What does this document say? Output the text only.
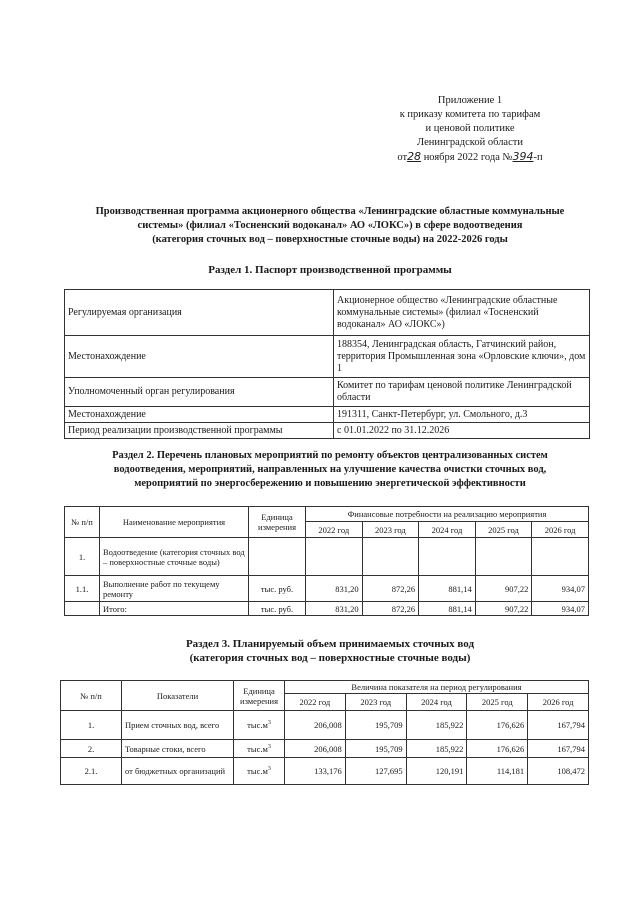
Приложение 1
к приказу комитета по тарифам
и ценовой политике
Ленинградской области
от28 ноября 2022 года №394-п
Производственная программа акционерного общества «Ленинградские областные коммунальные
системы» (филиал «Тосненский водоканал» АО «ЛОКС») в сфере водоотведения
(категория сточных вод – поверхностные сточные воды) на 2022-2026 годы
Раздел 1. Паспорт производственной программы
Регулируемая организация	Акционерное общество «Ленинградские областные коммунальные системы» (филиал «Тосненский водоканал» АО «ЛОКС»)
Местонахождение	188354, Ленинградская область, Гатчинский район, территория Промышленная зона «Орловские ключи», дом 1
Уполномоченный орган регулирования	Комитет по тарифам ценовой политике Ленинградской области
Местонахождение	191311, Санкт-Петербург, ул. Смольного, д.3
Период реализации производственной программы	с 01.01.2022 по 31.12.2026
Раздел 2. Перечень плановых мероприятий по ремонту объектов централизованных систем
водоотведения, мероприятий, направленных на улучшение качества очистки сточных вод,
мероприятий по энергосбережению и повышению энергетической эффективности
№ п/п	Наименование мероприятия	Единица измерения	Финансовые потребности на реализацию мероприятия				
			2022 год	2023 год	2024 год	2025 год	2026 год
1.	Водоотведение (категория сточных вод – поверхностные сточные воды)						
1.1.	Выполнение работ по текущему ремонту	тыс. руб.	831,20	872,26	881,14	907,22	934,07
	Итого:	тыс. руб.	831,20	872,26	881,14	907,22	934,07
Раздел 3. Планируемый объем принимаемых сточных вод
(категория сточных вод – поверхностные сточные воды)
№ п/п	Показатели	Единица измерения	Величина показателя на период регулирования				
			2022 год	2023 год	2024 год	2025 год	2026 год
1.	Прием сточных вод, всего	$тыс.м^3$	206,008	195,709	185,922	176,626	167,794
2.	Товарные стоки, всего	$тыс.м^3$	206,008	195,709	185,922	176,626	167,794
2.1.	от бюджетных организаций	$тыс.м^3$	133,176	127,695	120,191	114,181	108,472
